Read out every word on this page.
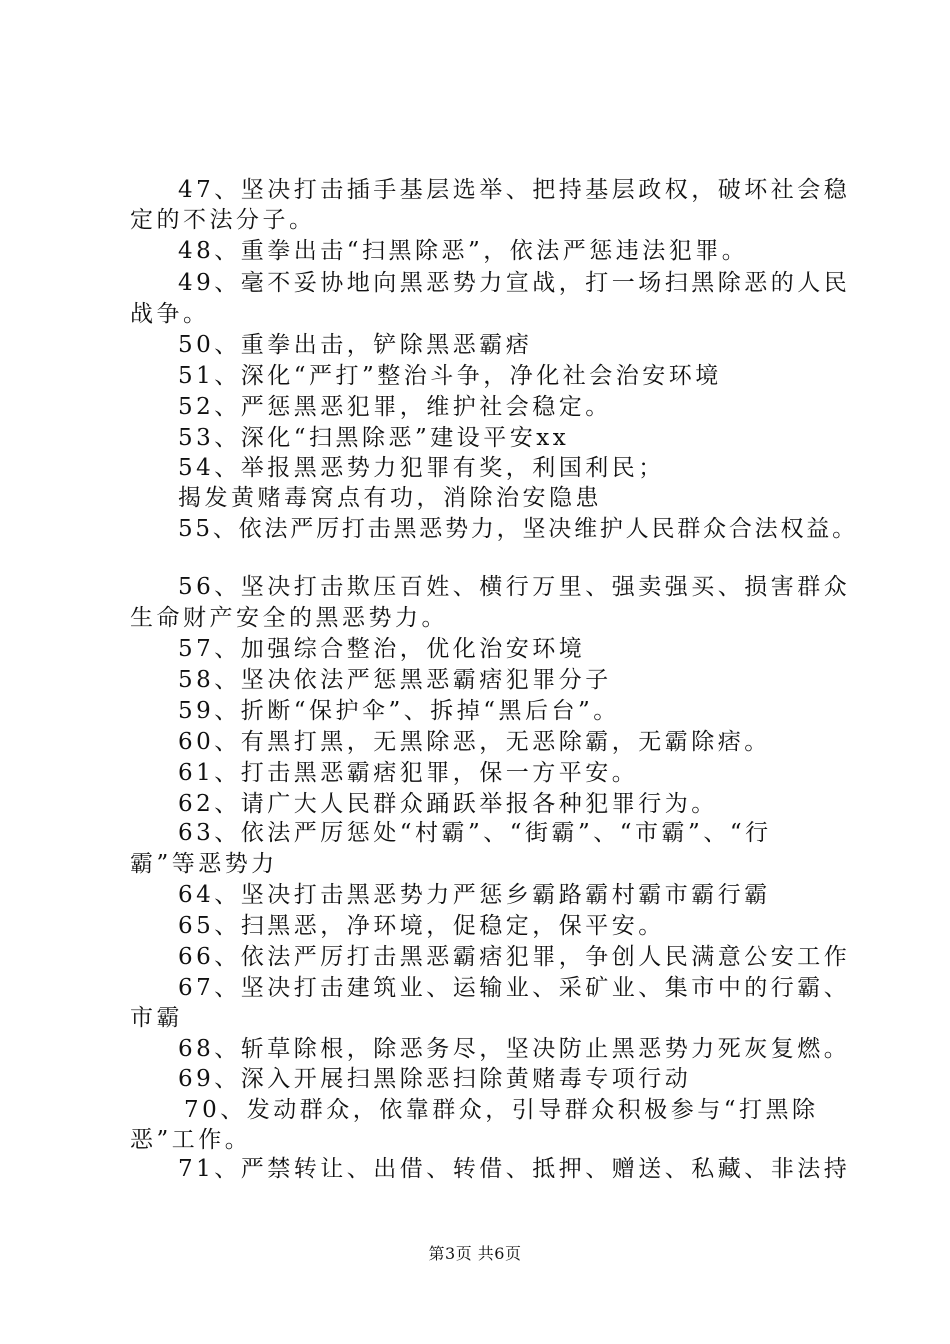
47、坚决打击插手基层选举、把持基层政权，破坏社会稳
定的不法分子。
48、重拳出击“扫黑除恶”，依法严惩违法犯罪。
49、毫不妥协地向黑恶势力宣战，打一场扫黑除恶的人民
战争。
50、重拳出击，铲除黑恶霸痞
51、深化“严打”整治斗争，净化社会治安环境
52、严惩黑恶犯罪，维护社会稳定。
53、深化“扫黑除恶”建设平安xx
54、举报黑恶势力犯罪有奖，利国利民；
揭发黄赌毒窝点有功，消除治安隐患
55、依法严厉打击黑恶势力，坚决维护人民群众合法权益。
56、坚决打击欺压百姓、横行万里、强卖强买、损害群众
生命财产安全的黑恶势力。
57、加强综合整治，优化治安环境
58、坚决依法严惩黑恶霸痞犯罪分子
59、折断“保护伞”、拆掉“黑后台”。
60、有黑打黑，无黑除恶，无恶除霸，无霸除痞。
61、打击黑恶霸痞犯罪，保一方平安。
62、请广大人民群众踊跃举报各种犯罪行为。
63、依法严厉惩处“村霸”、“街霸”、“市霸”、“行
霸”等恶势力
64、坚决打击黑恶势力严惩乡霸路霸村霸市霸行霸
65、扫黑恶，净环境，促稳定，保平安。
66、依法严厉打击黑恶霸痞犯罪，争创人民满意公安工作
67、坚决打击建筑业、运输业、采矿业、集市中的行霸、
市霸
68、斩草除根，除恶务尽，坚决防止黑恶势力死灰复燃。
69、深入开展扫黑除恶扫除黄赌毒专项行动
70、发动群众，依靠群众，引导群众积极参与“打黑除
恶”工作。
71、严禁转让、出借、转借、抵押、赠送、私藏、非法持
第3页 共6页
